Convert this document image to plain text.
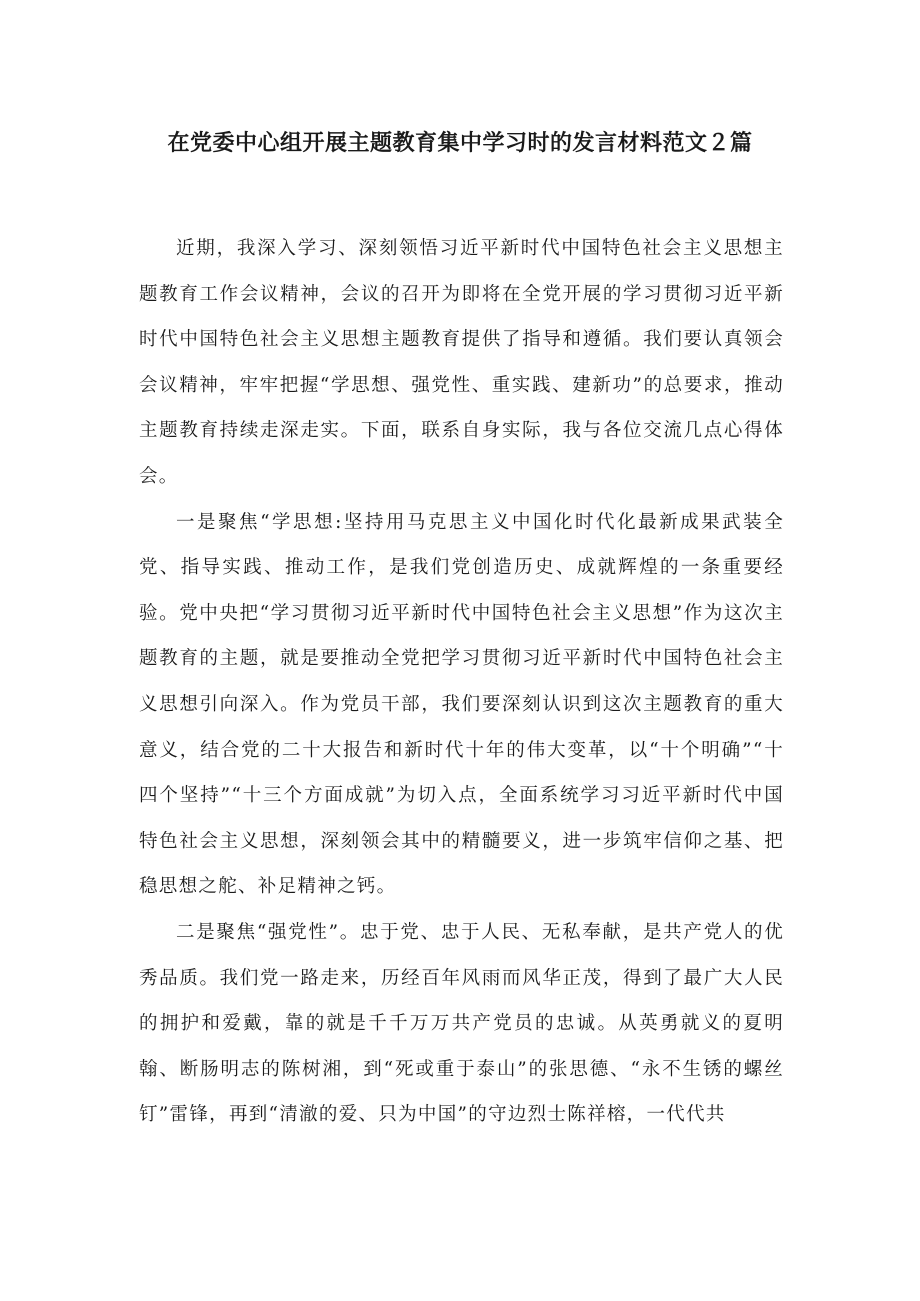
在党委中心组开展主题教育集中学习时的发言材料范文２篇

近期，我深入学习、深刻领悟习近平新时代中国特色社会主义思想主题教育工作会议精神，会议的召开为即将在全党开展的学习贯彻习近平新时代中国特色社会主义思想主题教育提供了指导和遵循。我们要认真领会会议精神，牢牢把握“学思想、强党性、重实践、建新功”的总要求，推动主题教育持续走深走实。下面，联系自身实际，我与各位交流几点心得体会。

一是聚焦“学思想:坚持用马克思主义中国化时代化最新成果武装全党、指导实践、推动工作，是我们党创造历史、成就辉煌的一条重要经验。党中央把“学习贯彻习近平新时代中国特色社会主义思想”作为这次主题教育的主题，就是要推动全党把学习贯彻习近平新时代中国特色社会主义思想引向深入。作为党员干部，我们要深刻认识到这次主题教育的重大意义，结合党的二十大报告和新时代十年的伟大变革，以“十个明确”“十四个坚持”“十三个方面成就”为切入点，全面系统学习习近平新时代中国特色社会主义思想，深刻领会其中的精髓要义，进一步筑牢信仰之基、把稳思想之舵、补足精神之钙。

二是聚焦“强党性”。忠于党、忠于人民、无私奉献，是共产党人的优秀品质。我们党一路走来，历经百年风雨而风华正茂，得到了最广大人民的拥护和爱戴，靠的就是千千万万共产党员的忠诚。从英勇就义的夏明翰、断肠明志的陈树湘，到“死或重于泰山”的张思德、“永不生锈的螺丝钉”雷锋，再到“清澈的爱、只为中国”的守边烈士陈祥榕，一代代共
